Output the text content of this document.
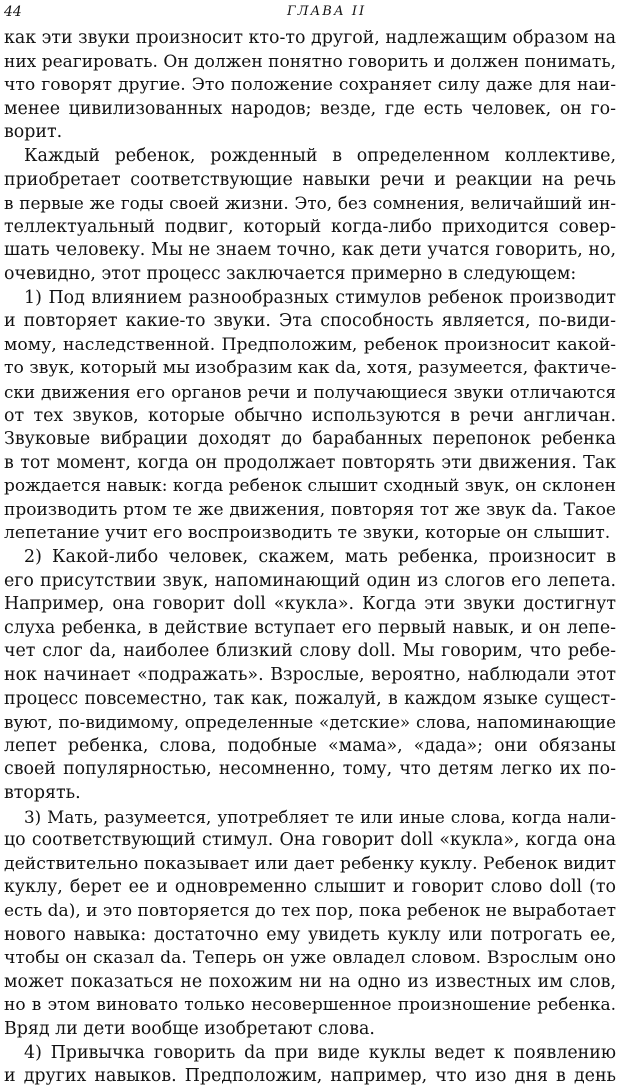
44	ГЛАВА II
как эти звуки произносит кто-то другой, надлежащим образом на
них реагировать. Он должен понятно говорить и должен понимать,
что говорят другие. Это положение сохраняет силу даже для наи-
менее цивилизованных народов; везде, где есть человек, он го-
ворит.
Каждый ребенок, рожденный в определенном коллективе,
приобретает соответствующие навыки речи и реакции на речь
в первые же годы своей жизни. Это, без сомнения, величайший ин-
теллектуальный подвиг, который когда-либо приходится совер-
шать человеку. Мы не знаем точно, как дети учатся говорить, но,
очевидно, этот процесс заключается примерно в следующем:
1) Под влиянием разнообразных стимулов ребенок производит
и повторяет какие-то звуки. Эта способность является, по-види-
мому, наследственной. Предположим, ребенок произносит какой-
то звук, который мы изобразим как da, хотя, разумеется, фактиче-
ски движения его органов речи и получающиеся звуки отличаются
от тех звуков, которые обычно используются в речи англичан.
Звуковые вибрации доходят до барабанных перепонок ребенка
в тот момент, когда он продолжает повторять эти движения. Так
рождается навык: когда ребенок слышит сходный звук, он склонен
производить ртом те же движения, повторяя тот же звук da. Такое
лепетание учит его воспроизводить те звуки, которые он слышит.
2) Какой-либо человек, скажем, мать ребенка, произносит в
его присутствии звук, напоминающий один из слогов его лепета.
Например, она говорит doll «кукла». Когда эти звуки достигнут
слуха ребенка, в действие вступает его первый навык, и он лепе-
чет слог da, наиболее близкий слову doll. Мы говорим, что ребе-
нок начинает «подражать». Взрослые, вероятно, наблюдали этот
процесс повсеместно, так как, пожалуй, в каждом языке сущест-
вуют, по-видимому, определенные «детские» слова, напоминающие
лепет ребенка, слова, подобные «мама», «дада»; они обязаны
своей популярностью, несомненно, тому, что детям легко их по-
вторять.
3) Мать, разумеется, употребляет те или иные слова, когда нали-
цо соответствующий стимул. Она говорит doll «кукла», когда она
действительно показывает или дает ребенку куклу. Ребенок видит
куклу, берет ее и одновременно слышит и говорит слово doll (то
есть da), и это повторяется до тех пор, пока ребенок не выработает
нового навыка: достаточно ему увидеть куклу или потрогать ее,
чтобы он сказал da. Теперь он уже овладел словом. Взрослым оно
может показаться не похожим ни на одно из известных им слов,
но в этом виновато только несовершенное произношение ребенка.
Вряд ли дети вообще изобретают слова.
4) Привычка говорить da при виде куклы ведет к появлению
и других навыков. Предположим, например, что изо дня в день
